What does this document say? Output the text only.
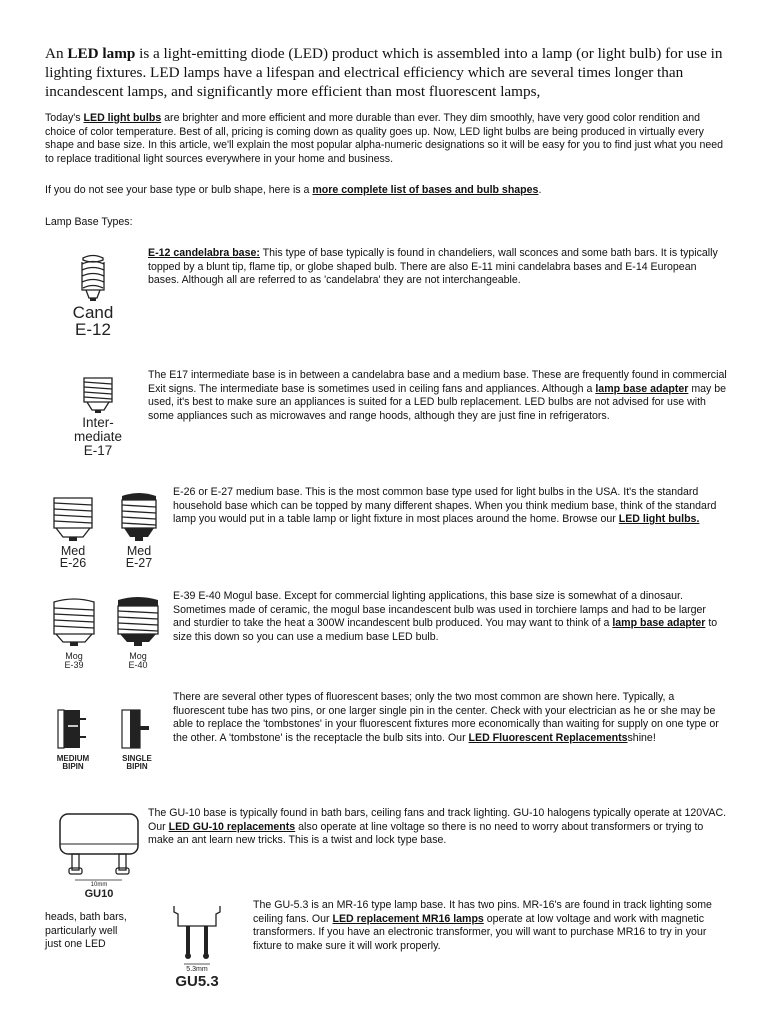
An LED lamp is a light-emitting diode (LED) product which is assembled into a lamp (or light bulb) for use in lighting fixtures. LED lamps have a lifespan and electrical efficiency which are several times longer than incandescent lamps, and significantly more efficient than most fluorescent lamps,

Today's LED light bulbs are brighter and more efficient and more durable than ever. They dim smoothly, have very good color rendition and choice of color temperature. Best of all, pricing is coming down as quality goes up. Now, LED light bulbs are being produced in virtually every shape and base size. In this article, we'll explain the most popular alpha-numeric designations so it will be easy for you to find just what you need to replace traditional light sources everywhere in your home and business.

If you do not see your base type or bulb shape, here is a more complete list of bases and bulb shapes.

Lamp Base Types:

Cand
E-12

E-12 candelabra base: This type of base typically is found in chandeliers, wall sconces and some bath bars. It is typically topped by a blunt tip, flame tip, or globe shaped bulb. There are also E-11 mini candelabra bases and E-14 European bases. Although all are referred to as 'candelabra' they are not interchangeable.

Inter-
mediate
E-17

The E17 intermediate base is in between a candelabra base and a medium base. These are frequently found in commercial Exit signs. The intermediate base is sometimes used in ceiling fans and appliances. Although a lamp base adapter may be used, it's best to make sure an appliances is suited for a LED bulb replacement. LED bulbs are not advised for use with some appliances such as microwaves and range hoods, although they are just fine in refrigerators.

Med
E-26
Med
E-27

E-26 or E-27 medium base. This is the most common base type used for light bulbs in the USA. It's the standard household base which can be topped by many different shapes. When you think medium base, think of the standard lamp you would put in a table lamp or light fixture in most places around the home. Browse our LED light bulbs.

Mog
E-39
Mog
E-40

E-39 E-40 Mogul base. Except for commercial lighting applications, this base size is somewhat of a dinosaur. Sometimes made of ceramic, the mogul base incandescent bulb was used in torchiere lamps and had to be larger and sturdier to take the heat a 300W incandescent bulb produced. You may want to think of a lamp base adapter to size this down so you can use a medium base LED bulb.

MEDIUM
BIPIN
SINGLE
BIPIN

There are several other types of fluorescent bases; only the two most common are shown here. Typically, a fluorescent tube has two pins, or one larger single pin in the center. Check with your electrician as he or she may be able to replace the 'tombstones' in your fluorescent fixtures more economically than waiting for supply on one type or the other. A 'tombstone' is the receptacle the bulb sits into. Our LED Fluorescent Replacementsshine!

10mm
GU10

The GU-10 base is typically found in bath bars, ceiling fans and track lighting. GU-10 halogens typically operate at 120VAC. Our LED GU-10 replacements also operate at line voltage so there is no need to worry about transformers or trying to make an ant learn new tricks. This is a twist and lock type base.

heads, bath bars,
particularly well
just one LED

5.3mm
GU5.3

The GU-5.3 is an MR-16 type lamp base. It has two pins. MR-16's are found in track lighting some ceiling fans. Our LED replacement MR16 lamps operate at low voltage and work with magnetic transformers. If you have an electronic transformer, you will want to purchase MR16 to try in your fixture to make sure it will work properly.
